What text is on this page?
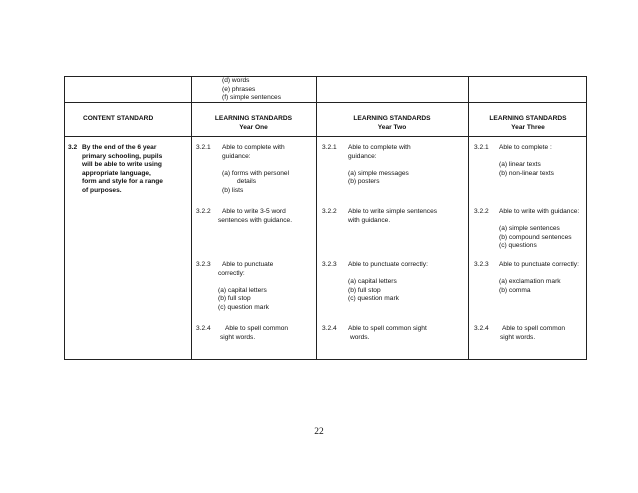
(d) words
(e) phrases
(f) simple sentences
CONTENT STANDARD	LEARNING STANDARDS
Year One
LEARNING STANDARDS
Year Two
LEARNING STANDARDS
Year Three
3.2 By the end of the 6 year
primary schooling, pupils
will be able to write using
appropriate language,
form and style for a range
of purposes.
3.2.1 Able to complete with
guidance:
(a) forms with personel
details
(b) lists
3.2.2 Able to write 3-5 word
sentences with guidance.
3.2.3 Able to punctuate
correctly:
(a) capital letters
(b) full stop
(c) question mark
3.2.4 Able to spell common
sight words.
3.2.1 Able to complete with
guidance:
(a) simple messages
(b) posters
3.2.2 Able to write simple sentences
with guidance.
3.2.3 Able to punctuate correctly:
(a) capital letters
(b) full stop
(c) question mark
3.2.4 Able to spell common sight
words.
3.2.1 Able to complete :
(a) linear texts
(b) non-linear texts
3.2.2 Able to write with guidance:
(a) simple sentences
(b) compound sentences
(c) questions
3.2.3 Able to punctuate correctly:
(a) exclamation mark
(b) comma
3.2.4 Able to spell common
sight words.
22
